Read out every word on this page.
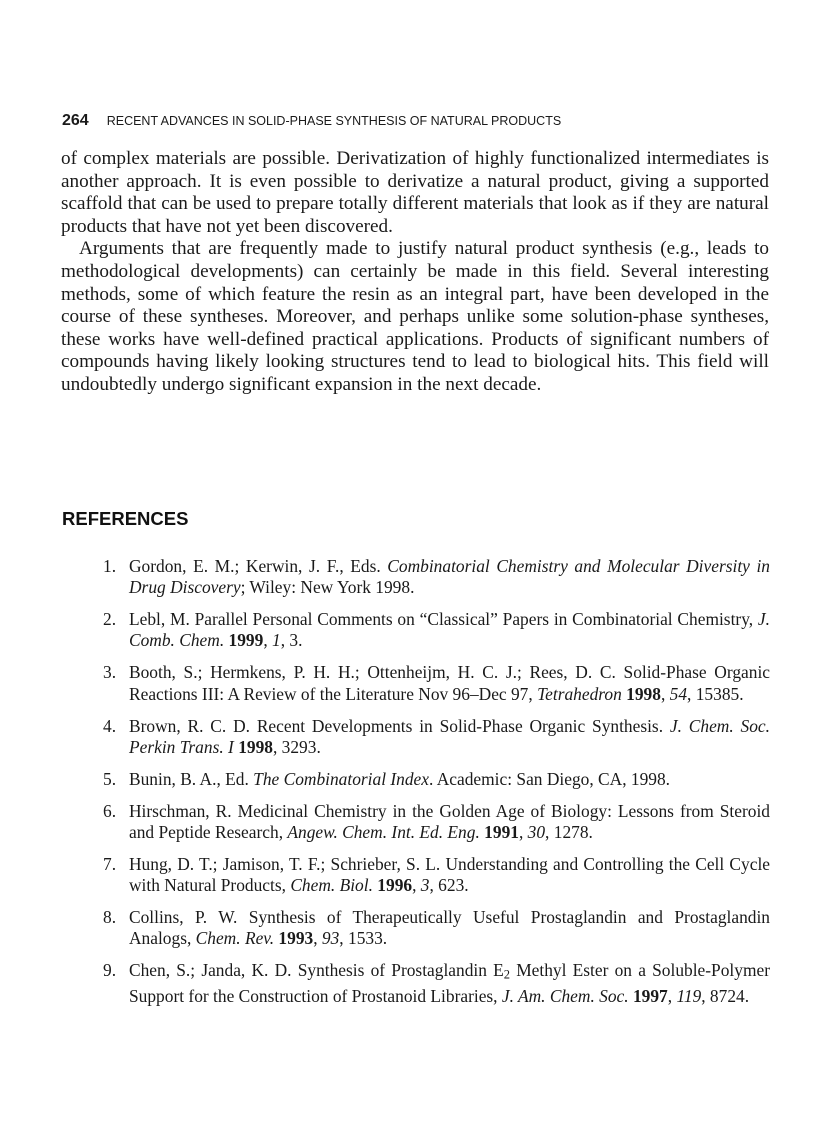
264 RECENT ADVANCES IN SOLID-PHASE SYNTHESIS OF NATURAL PRODUCTS

of complex materials are possible. Derivatization of highly functionalized intermediates is another approach. It is even possible to derivatize a natural product, giving a supported scaffold that can be used to prepare totally different materials that look as if they are natural products that have not yet been discovered.

Arguments that are frequently made to justify natural product synthesis (e.g., leads to methodological developments) can certainly be made in this field. Several interesting methods, some of which feature the resin as an integral part, have been developed in the course of these syntheses. Moreover, and perhaps unlike some solution-phase syntheses, these works have well-defined practical applications. Products of significant numbers of compounds having likely looking structures tend to lead to biological hits. This field will undoubtedly undergo significant expansion in the next decade.

REFERENCES
1. Gordon, E. M.; Kerwin, J. F., Eds. Combinatorial Chemistry and Molecular Diversity in Drug Discovery; Wiley: New York 1998.
2. Lebl, M. Parallel Personal Comments on “Classical” Papers in Combinatorial Chemistry, J. Comb. Chem. 1999, 1, 3.
3. Booth, S.; Hermkens, P. H. H.; Ottenheijm, H. C. J.; Rees, D. C. Solid-Phase Organic Reactions III: A Review of the Literature Nov 96–Dec 97, Tetrahedron 1998, 54, 15385.
4. Brown, R. C. D. Recent Developments in Solid-Phase Organic Synthesis. J. Chem. Soc. Perkin Trans. I 1998, 3293.
5. Bunin, B. A., Ed. The Combinatorial Index. Academic: San Diego, CA, 1998.
6. Hirschman, R. Medicinal Chemistry in the Golden Age of Biology: Lessons from Steroid and Peptide Research, Angew. Chem. Int. Ed. Eng. 1991, 30, 1278.
7. Hung, D. T.; Jamison, T. F.; Schrieber, S. L. Understanding and Controlling the Cell Cycle with Natural Products, Chem. Biol. 1996, 3, 623.
8. Collins, P. W. Synthesis of Therapeutically Useful Prostaglandin and Prostaglandin Analogs, Chem. Rev. 1993, 93, 1533.
9. Chen, S.; Janda, K. D. Synthesis of Prostaglandin $E_2$ Methyl Ester on a Soluble-Polymer Support for the Construction of Prostanoid Libraries, J. Am. Chem. Soc. 1997, 119, 8724.
